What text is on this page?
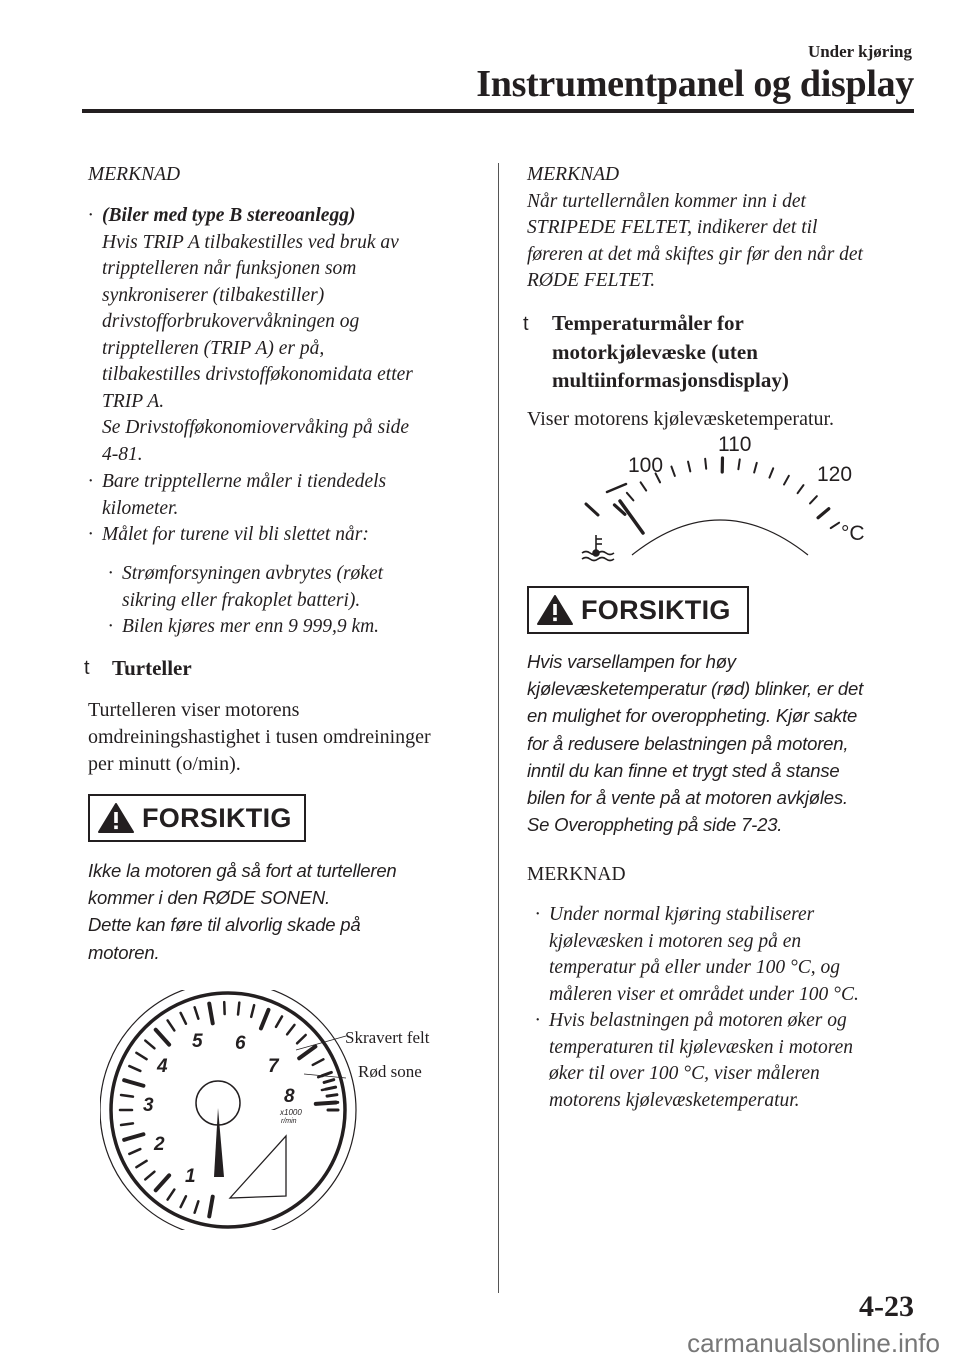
Under kjøring
Instrumentpanel og display
MERKNAD
· (Biler med type B stereoanlegg)
Hvis TRIP A tilbakestilles ved bruk av
tripptelleren når funksjonen som
synkroniserer (tilbakestiller)
drivstofforbrukovervåkningen og
tripptelleren (TRIP A) er på,
tilbakestilles drivstofføkonomidata etter
TRIP A.
Se Drivstofføkonomiovervåking på side
4-81.
· Bare tripptellerne måler i tiendedels
kilometer.
· Målet for turene vil bli slettet når:
· Strømforsyningen avbrytes (røket
sikring eller frakoplet batteri).
· Bilen kjøres mer enn 9 999,9 km.
t Turteller
Turtelleren viser motorens
omdreiningshastighet i tusen omdreininger
per minutt (o/min).
FORSIKTIG
Ikke la motoren gå så fort at turtelleren
kommer i den RØDE SONEN.
Dette kan føre til alvorlig skade på
motoren.
1
2
3
4
5 6
7
8
x1000
r/min
Skravert felt
Rød sone
MERKNAD
Når turtellernålen kommer inn i det
STRIPEDE FELTET, indikerer det til
føreren at det må skiftes gir før den når det
RØDE FELTET.
t Temperaturmåler for
motorkjølevæske (uten
multiinformasjonsdisplay)
Viser motorens kjølevæsketemperatur.
100
110
120
°C
FORSIKTIG
Hvis varsellampen for høy
kjølevæsketemperatur (rød) blinker, er det
en mulighet for overoppheting. Kjør sakte
for å redusere belastningen på motoren,
inntil du kan finne et trygt sted å stanse
bilen for å vente på at motoren avkjøles.
Se Overoppheting på side 7-23.
MERKNAD
· Under normal kjøring stabiliserer
kjølevæsken i motoren seg på en
temperatur på eller under 100 °C, og
måleren viser et området under 100 °C.
· Hvis belastningen på motoren øker og
temperaturen til kjølevæsken i motoren
øker til over 100 °C, viser måleren
motorens kjølevæsketemperatur.
4-23
carmanualsonline.info
